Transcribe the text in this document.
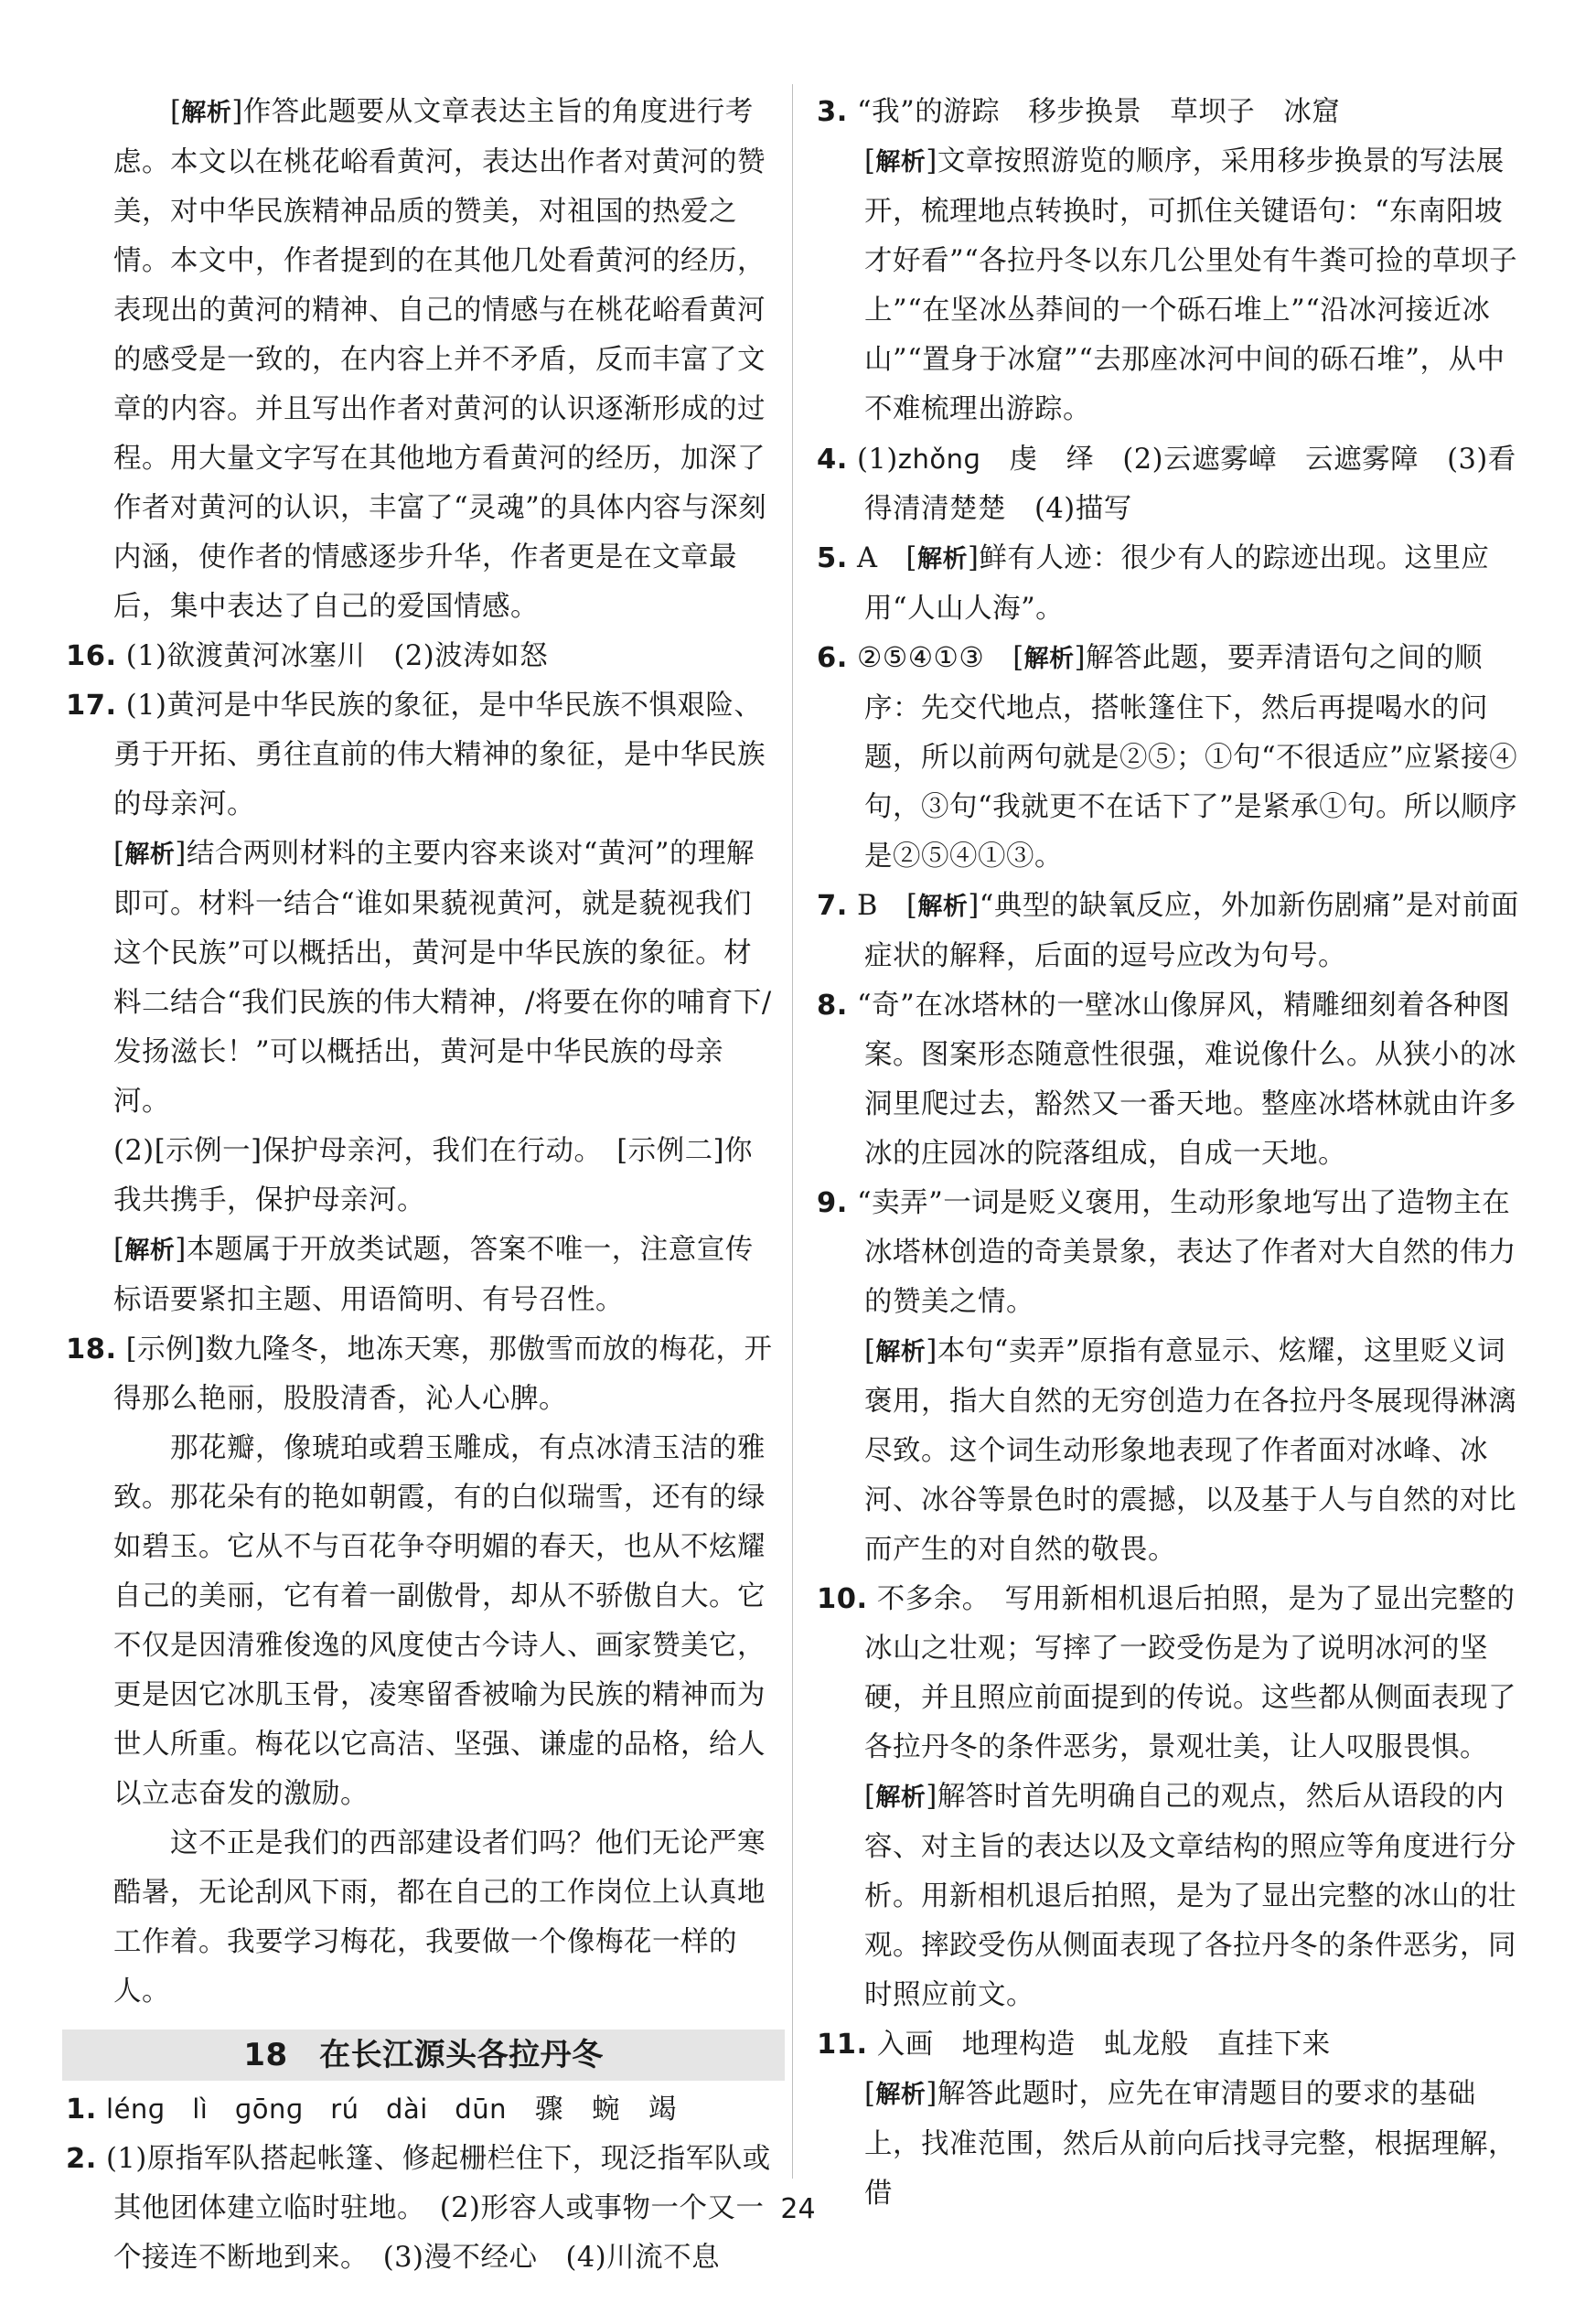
[解析]作答此题要从文章表达主旨的角度进行考虑。本文以在桃花峪看黄河，表达出作者对黄河的赞美，对中华民族精神品质的赞美，对祖国的热爱之情。本文中，作者提到的在其他几处看黄河的经历，表现出的黄河的精神、自己的情感与在桃花峪看黄河的感受是一致的，在内容上并不矛盾，反而丰富了文章的内容。并且写出作者对黄河的认识逐渐形成的过程。用大量文字写在其他地方看黄河的经历，加深了作者对黄河的认识，丰富了“灵魂”的具体内容与深刻内涵，使作者的情感逐步升华，作者更是在文章最后，集中表达了自己的爱国情感。

16. (1)欲渡黄河冰塞川　(2)波涛如怒

17. (1)黄河是中华民族的象征，是中华民族不惧艰险、勇于开拓、勇往直前的伟大精神的象征，是中华民族的母亲河。

[解析]结合两则材料的主要内容来谈对“黄河”的理解即可。材料一结合“谁如果藐视黄河，就是藐视我们这个民族”可以概括出，黄河是中华民族的象征。材料二结合“我们民族的伟大精神，/将要在你的哺育下/发扬滋长！”可以概括出，黄河是中华民族的母亲河。

(2)[示例一]保护母亲河，我们在行动。　[示例二]你我共携手，保护母亲河。

[解析]本题属于开放类试题，答案不唯一，注意宣传标语要紧扣主题、用语简明、有号召性。

18. [示例]数九隆冬，地冻天寒，那傲雪而放的梅花，开得那么艳丽，股股清香，沁人心脾。

那花瓣，像琥珀或碧玉雕成，有点冰清玉洁的雅致。那花朵有的艳如朝霞，有的白似瑞雪，还有的绿如碧玉。它从不与百花争夺明媚的春天，也从不炫耀自己的美丽，它有着一副傲骨，却从不骄傲自大。它不仅是因清雅俊逸的风度使古今诗人、画家赞美它，更是因它冰肌玉骨，凌寒留香被喻为民族的精神而为世人所重。梅花以它高洁、坚强、谦虚的品格，给人以立志奋发的激励。

这不正是我们的西部建设者们吗？他们无论严寒酷暑，无论刮风下雨，都在自己的工作岗位上认真地工作着。我要学习梅花，我要做一个像梅花一样的人。

18　在长江源头各拉丹冬

1. lénɡ　lì　ɡōnɡ　rú　dài　dūn　 骤　蜿　竭

2. (1)原指军队搭起帐篷、修起栅栏住下，现泛指军队或其他团体建立临时驻地。　(2)形容人或事物一个又一个接连不断地到来。　(3)漫不经心　(4)川流不息

3. “我”的游踪　移步换景　草坝子　冰窟

[解析]文章按照游览的顺序，采用移步换景的写法展开，梳理地点转换时，可抓住关键语句：“东南阳坡才好看”“各拉丹冬以东几公里处有牛粪可捡的草坝子上”“在坚冰丛莽间的一个砾石堆上”“沿冰河接近冰山”“置身于冰窟”“去那座冰河中间的砾石堆”，从中不难梳理出游踪。

4. (1)zhǒnɡ　虔　绎　(2)云遮雾嶂　云遮雾障　(3)看得清清楚楚　(4)描写

5. A　[解析]鲜有人迹：很少有人的踪迹出现。这里应用“人山人海”。

6. ②⑤④①③　[解析]解答此题，要弄清语句之间的顺序：先交代地点，搭帐篷住下，然后再提喝水的问题，所以前两句就是②⑤；①句“不很适应”应紧接④句，③句“我就更不在话下了”是紧承①句。所以顺序是②⑤④①③。

7. B　[解析]“典型的缺氧反应，外加新伤剧痛”是对前面症状的解释，后面的逗号应改为句号。

8. “奇”在冰塔林的一壁冰山像屏风，精雕细刻着各种图案。图案形态随意性很强，难说像什么。从狭小的冰洞里爬过去，豁然又一番天地。整座冰塔林就由许多冰的庄园冰的院落组成，自成一天地。

9. “卖弄”一词是贬义褒用，生动形象地写出了造物主在冰塔林创造的奇美景象，表达了作者对大自然的伟力的赞美之情。

[解析]本句“卖弄”原指有意显示、炫耀，这里贬义词褒用，指大自然的无穷创造力在各拉丹冬展现得淋漓尽致。这个词生动形象地表现了作者面对冰峰、冰河、冰谷等景色时的震撼，以及基于人与自然的对比而产生的对自然的敬畏。

10. 不多余。　写用新相机退后拍照，是为了显出完整的冰山之壮观；写摔了一跤受伤是为了说明冰河的坚硬，并且照应前面提到的传说。这些都从侧面表现了各拉丹冬的条件恶劣，景观壮美，让人叹服畏惧。

[解析]解答时首先明确自己的观点，然后从语段的内容、对主旨的表达以及文章结构的照应等角度进行分析。用新相机退后拍照，是为了显出完整的冰山的壮观。摔跤受伤从侧面表现了各拉丹冬的条件恶劣，同时照应前文。

11. 入画　地理构造　虬龙般　直挂下来

[解析]解答此题时，应先在审清题目的要求的基础上，找准范围，然后从前向后找寻完整，根据理解，借

24
